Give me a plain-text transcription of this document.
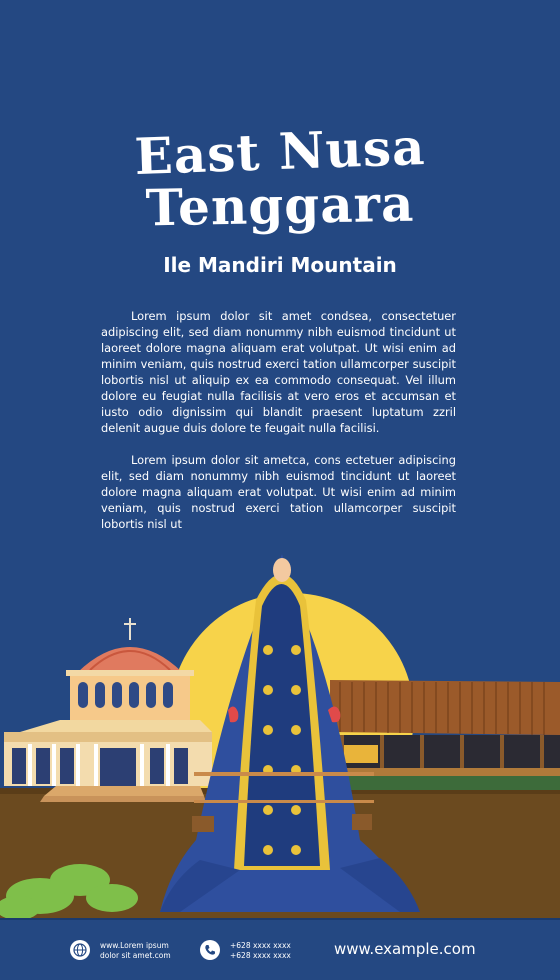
East Nusa
Tenggara
Ile Mandiri Mountain

Lorem ipsum dolor sit amet condsea, consectetuer adipiscing elit, sed diam nonummy nibh euismod tincidunt ut laoreet dolore magna aliquam erat volutpat. Ut wisi enim ad minim veniam, quis nostrud exerci tation ullamcorper suscipit lobortis nisl ut aliquip ex ea commodo consequat. Vel illum dolore eu feugiat nulla facilisis at vero eros et accumsan et iusto odio dignissim qui blandit praesent luptatum zzril delenit augue duis dolore te feugait nulla facilisi.

Lorem ipsum dolor sit ametca, cons ectetuer adipiscing elit, sed diam nonummy nibh euismod tincidunt ut laoreet dolore magna aliquam erat volutpat. Ut wisi enim ad minim veniam, quis nostrud exerci tation ullamcorper suscipit lobortis nisl ut

www.Lorem ipsum
dolor sit amet.com
+628 xxxx xxxx
+628 xxxx xxxx	www.example.com
